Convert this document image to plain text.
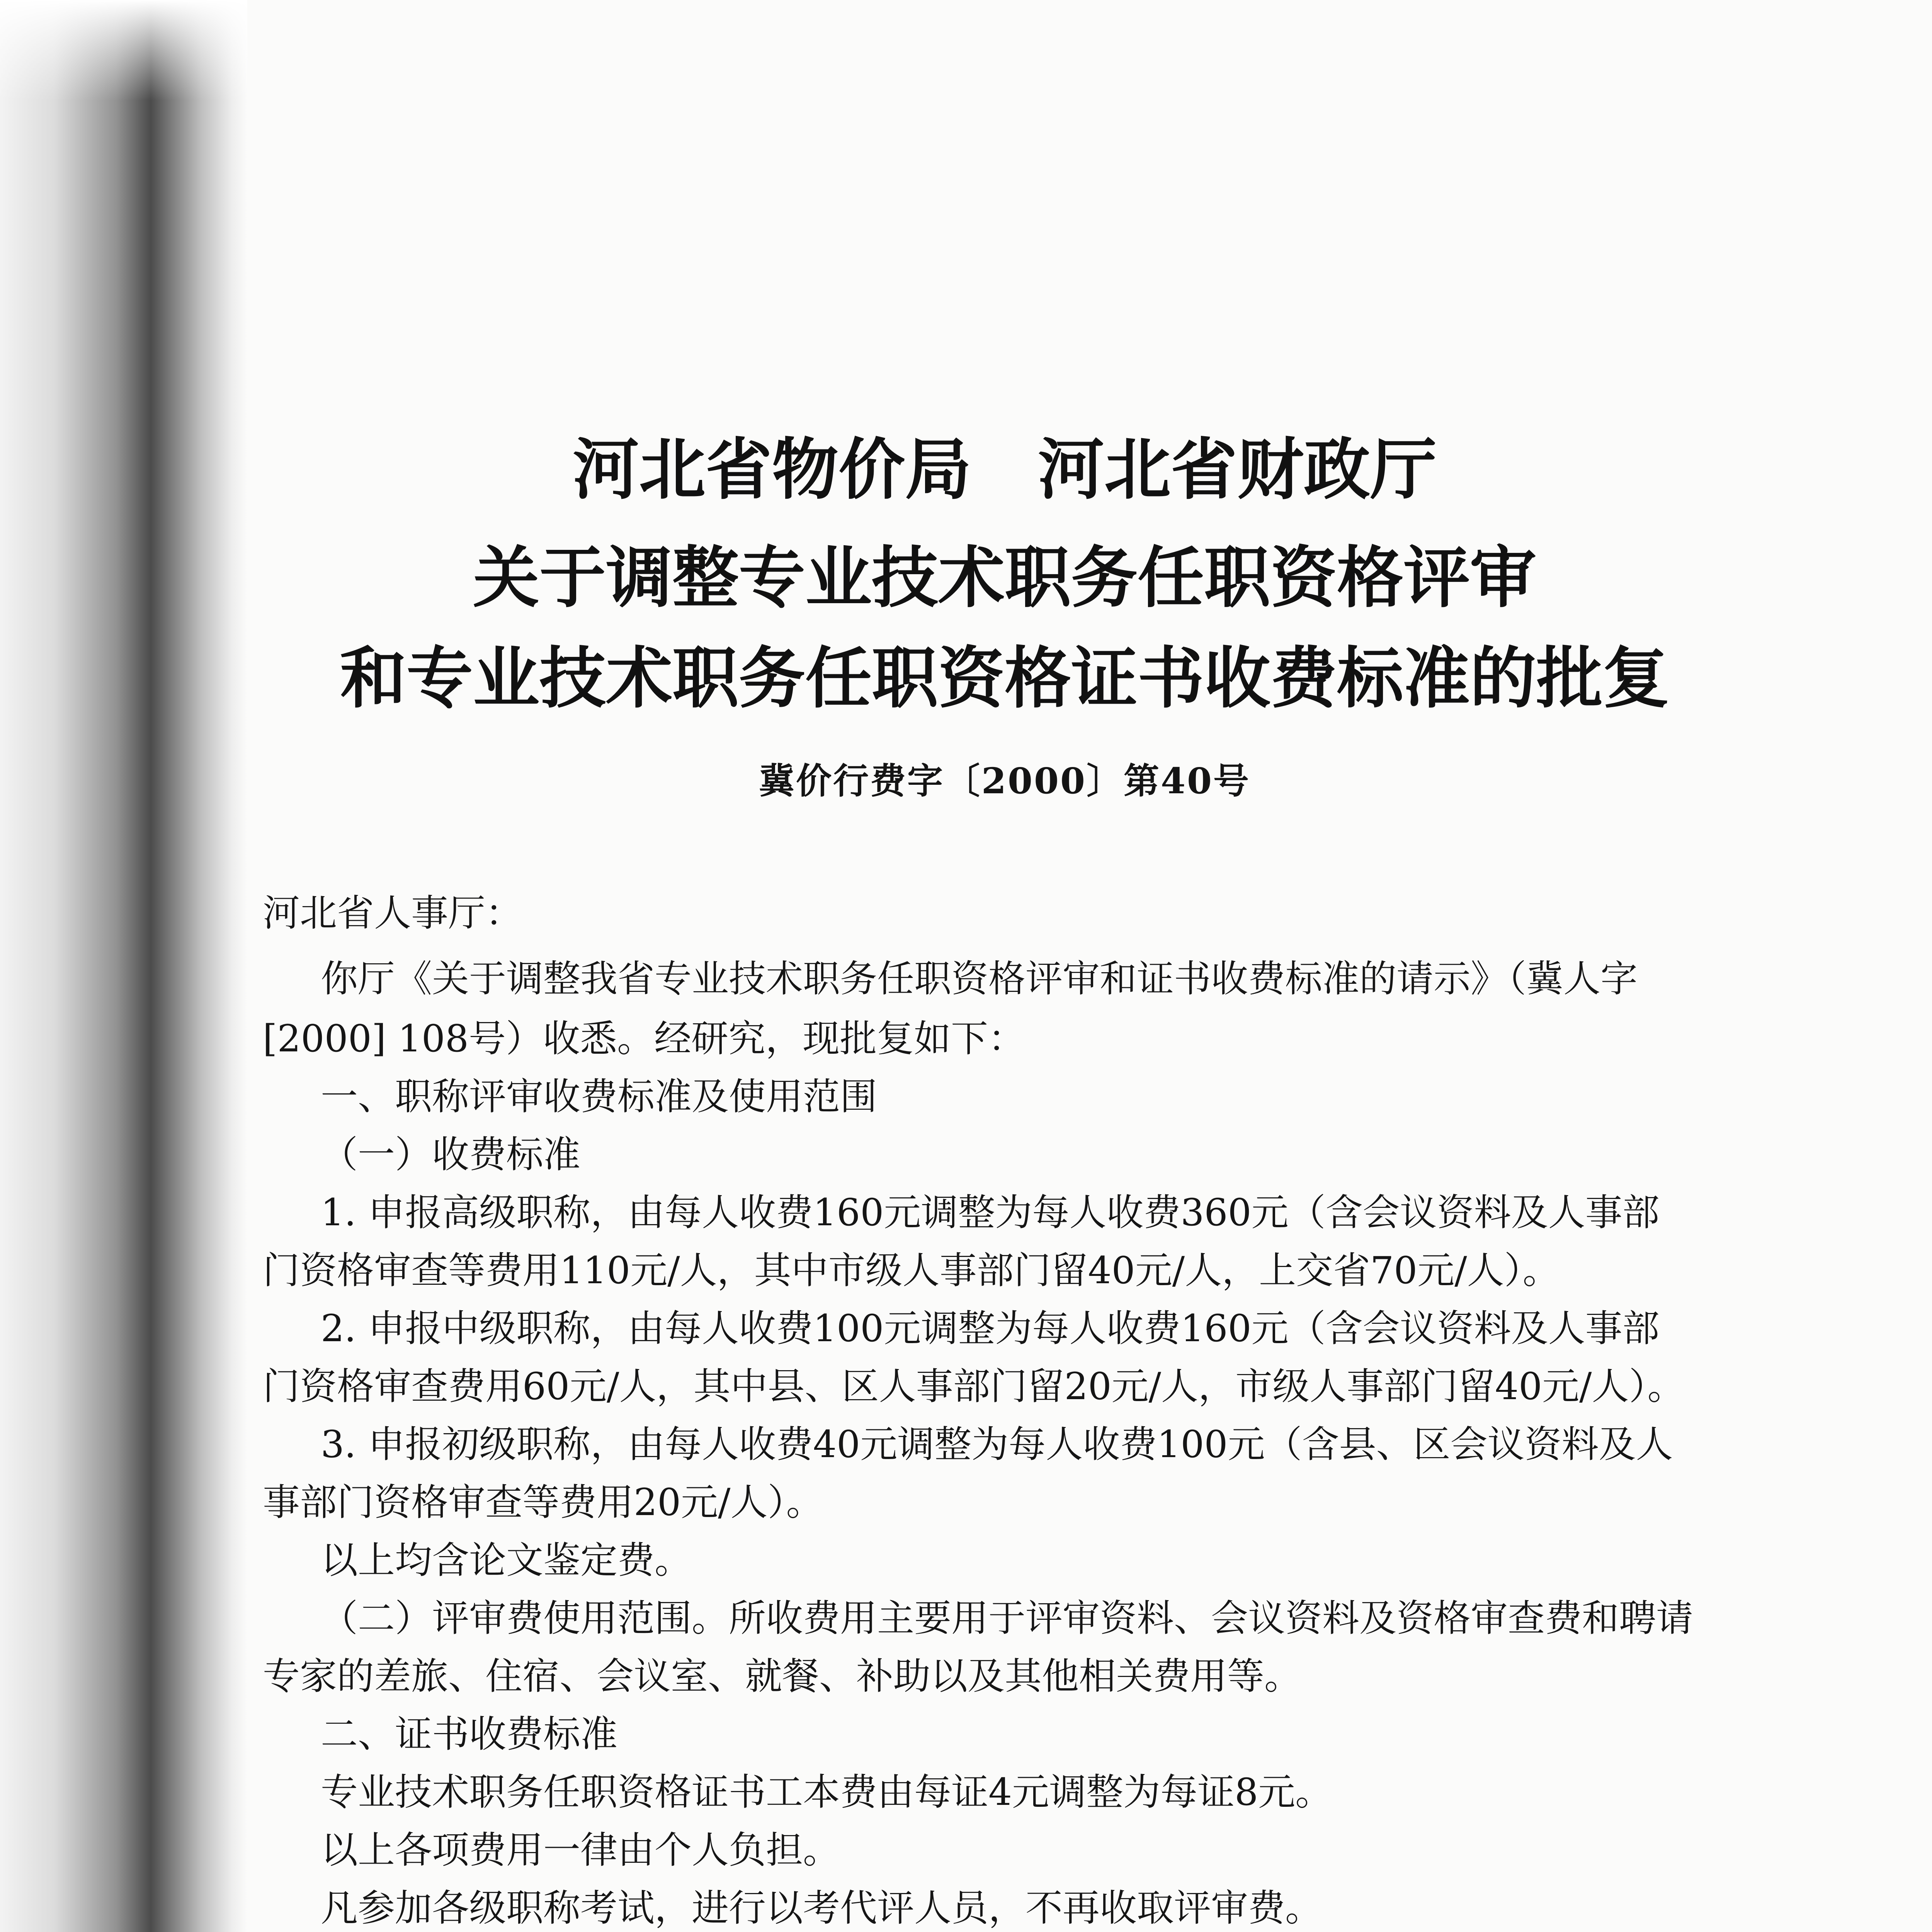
河北省物价局　河北省财政厅
关于调整专业技术职务任职资格评审
和专业技术职务任职资格证书收费标准的批复
冀价行费字〔2000〕第40号
河北省人事厅：
你厅《关于调整我省专业技术职务任职资格评审和证书收费标准的请示》（冀人字
[2000] 108号）收悉。经研究，现批复如下：
一、职称评审收费标准及使用范围
（一）收费标准
1. 申报高级职称，由每人收费160元调整为每人收费360元（含会议资料及人事部
门资格审查等费用110元/人，其中市级人事部门留40元/人，上交省70元/人）。
2. 申报中级职称，由每人收费100元调整为每人收费160元（含会议资料及人事部
门资格审查费用60元/人，其中县、区人事部门留20元/人，市级人事部门留40元/人）。
3. 申报初级职称，由每人收费40元调整为每人收费100元（含县、区会议资料及人
事部门资格审查等费用20元/人）。
以上均含论文鉴定费。
（二）评审费使用范围。所收费用主要用于评审资料、会议资料及资格审查费和聘请
专家的差旅、住宿、会议室、就餐、补助以及其他相关费用等。
二、证书收费标准
专业技术职务任职资格证书工本费由每证4元调整为每证8元。
以上各项费用一律由个人负担。
凡参加各级职称考试，进行以考代评人员，不再收取评审费。
